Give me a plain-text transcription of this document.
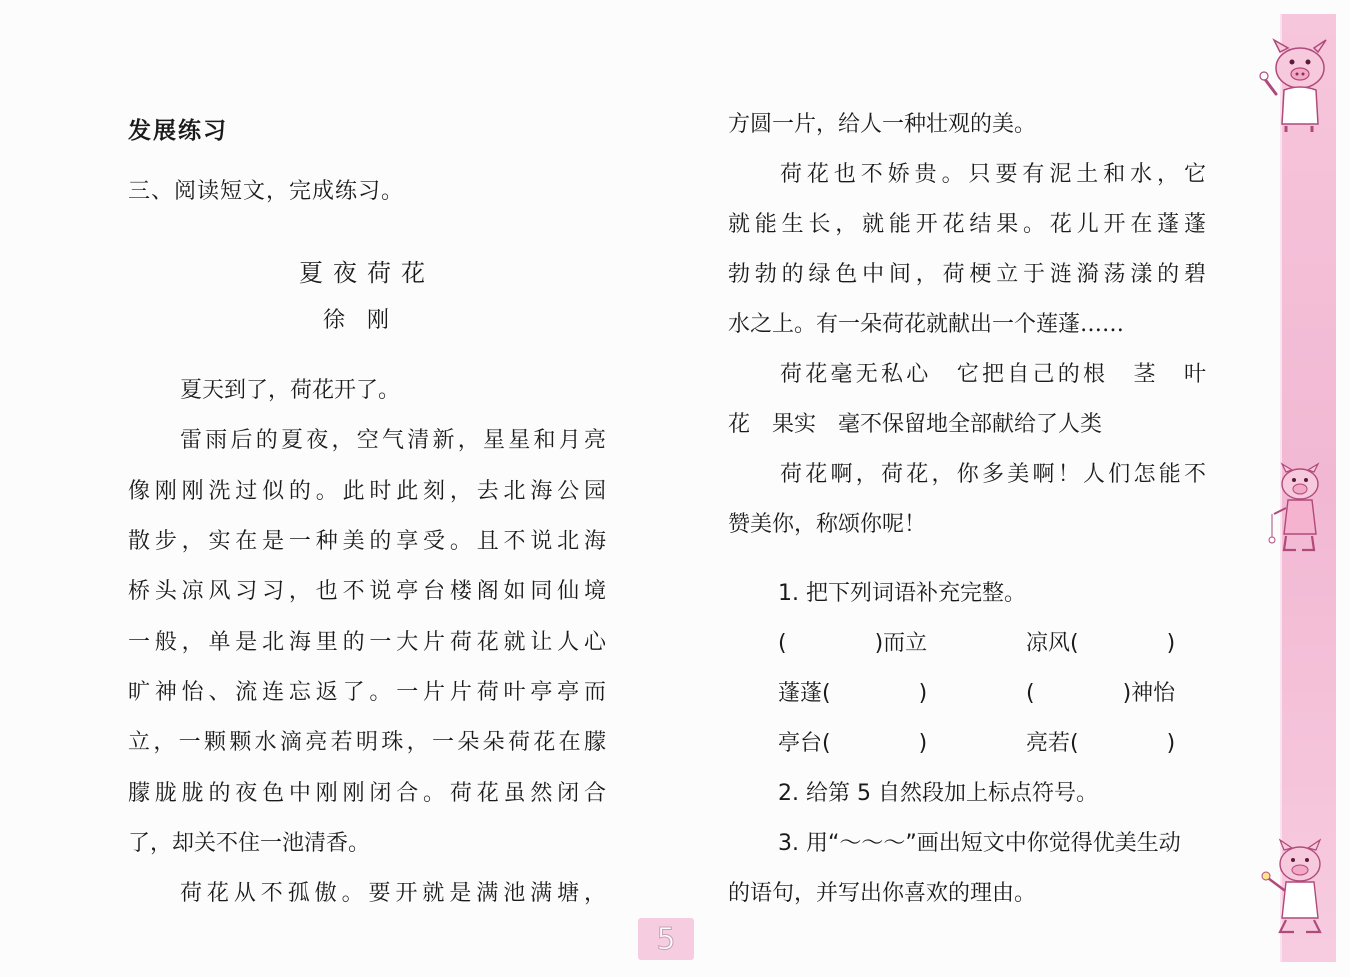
发展练习
三、阅读短文，完成练习。
夏夜荷花
徐刚
夏天到了，荷花开了。
雷雨后的夏夜，空气清新，星星和月亮
像刚刚洗过似的。此时此刻，去北海公园
散步，实在是一种美的享受。且不说北海
桥头凉风习习，也不说亭台楼阁如同仙境
一般，单是北海里的一大片荷花就让人心
旷神怡、流连忘返了。一片片荷叶亭亭而
立，一颗颗水滴亮若明珠，一朵朵荷花在朦
朦胧胧的夜色中刚刚闭合。荷花虽然闭合
了，却关不住一池清香。
荷花从不孤傲。要开就是满池满塘，
方圆一片，给人一种壮观的美。
荷花也不娇贵。只要有泥土和水，它
就能生长，就能开花结果。花儿开在蓬蓬
勃勃的绿色中间，荷梗立于涟漪荡漾的碧
水之上。有一朵荷花就献出一个莲蓬……
荷花毫无私心　它把自己的根　茎　叶
花　果实　毫不保留地全部献给了人类
荷花啊，荷花，你多美啊！人们怎能不
赞美你，称颂你呢！
1. 把下列词语补充完整。
(　　　　)而立	凉风(　　　　)
蓬蓬(　　　　)	(　　　　)神怡
亭台(　　　　)	亮若(　　　　)
2. 给第 5 自然段加上标点符号。
3. 用“～～～”画出短文中你觉得优美生动
的语句，并写出你喜欢的理由。
5
